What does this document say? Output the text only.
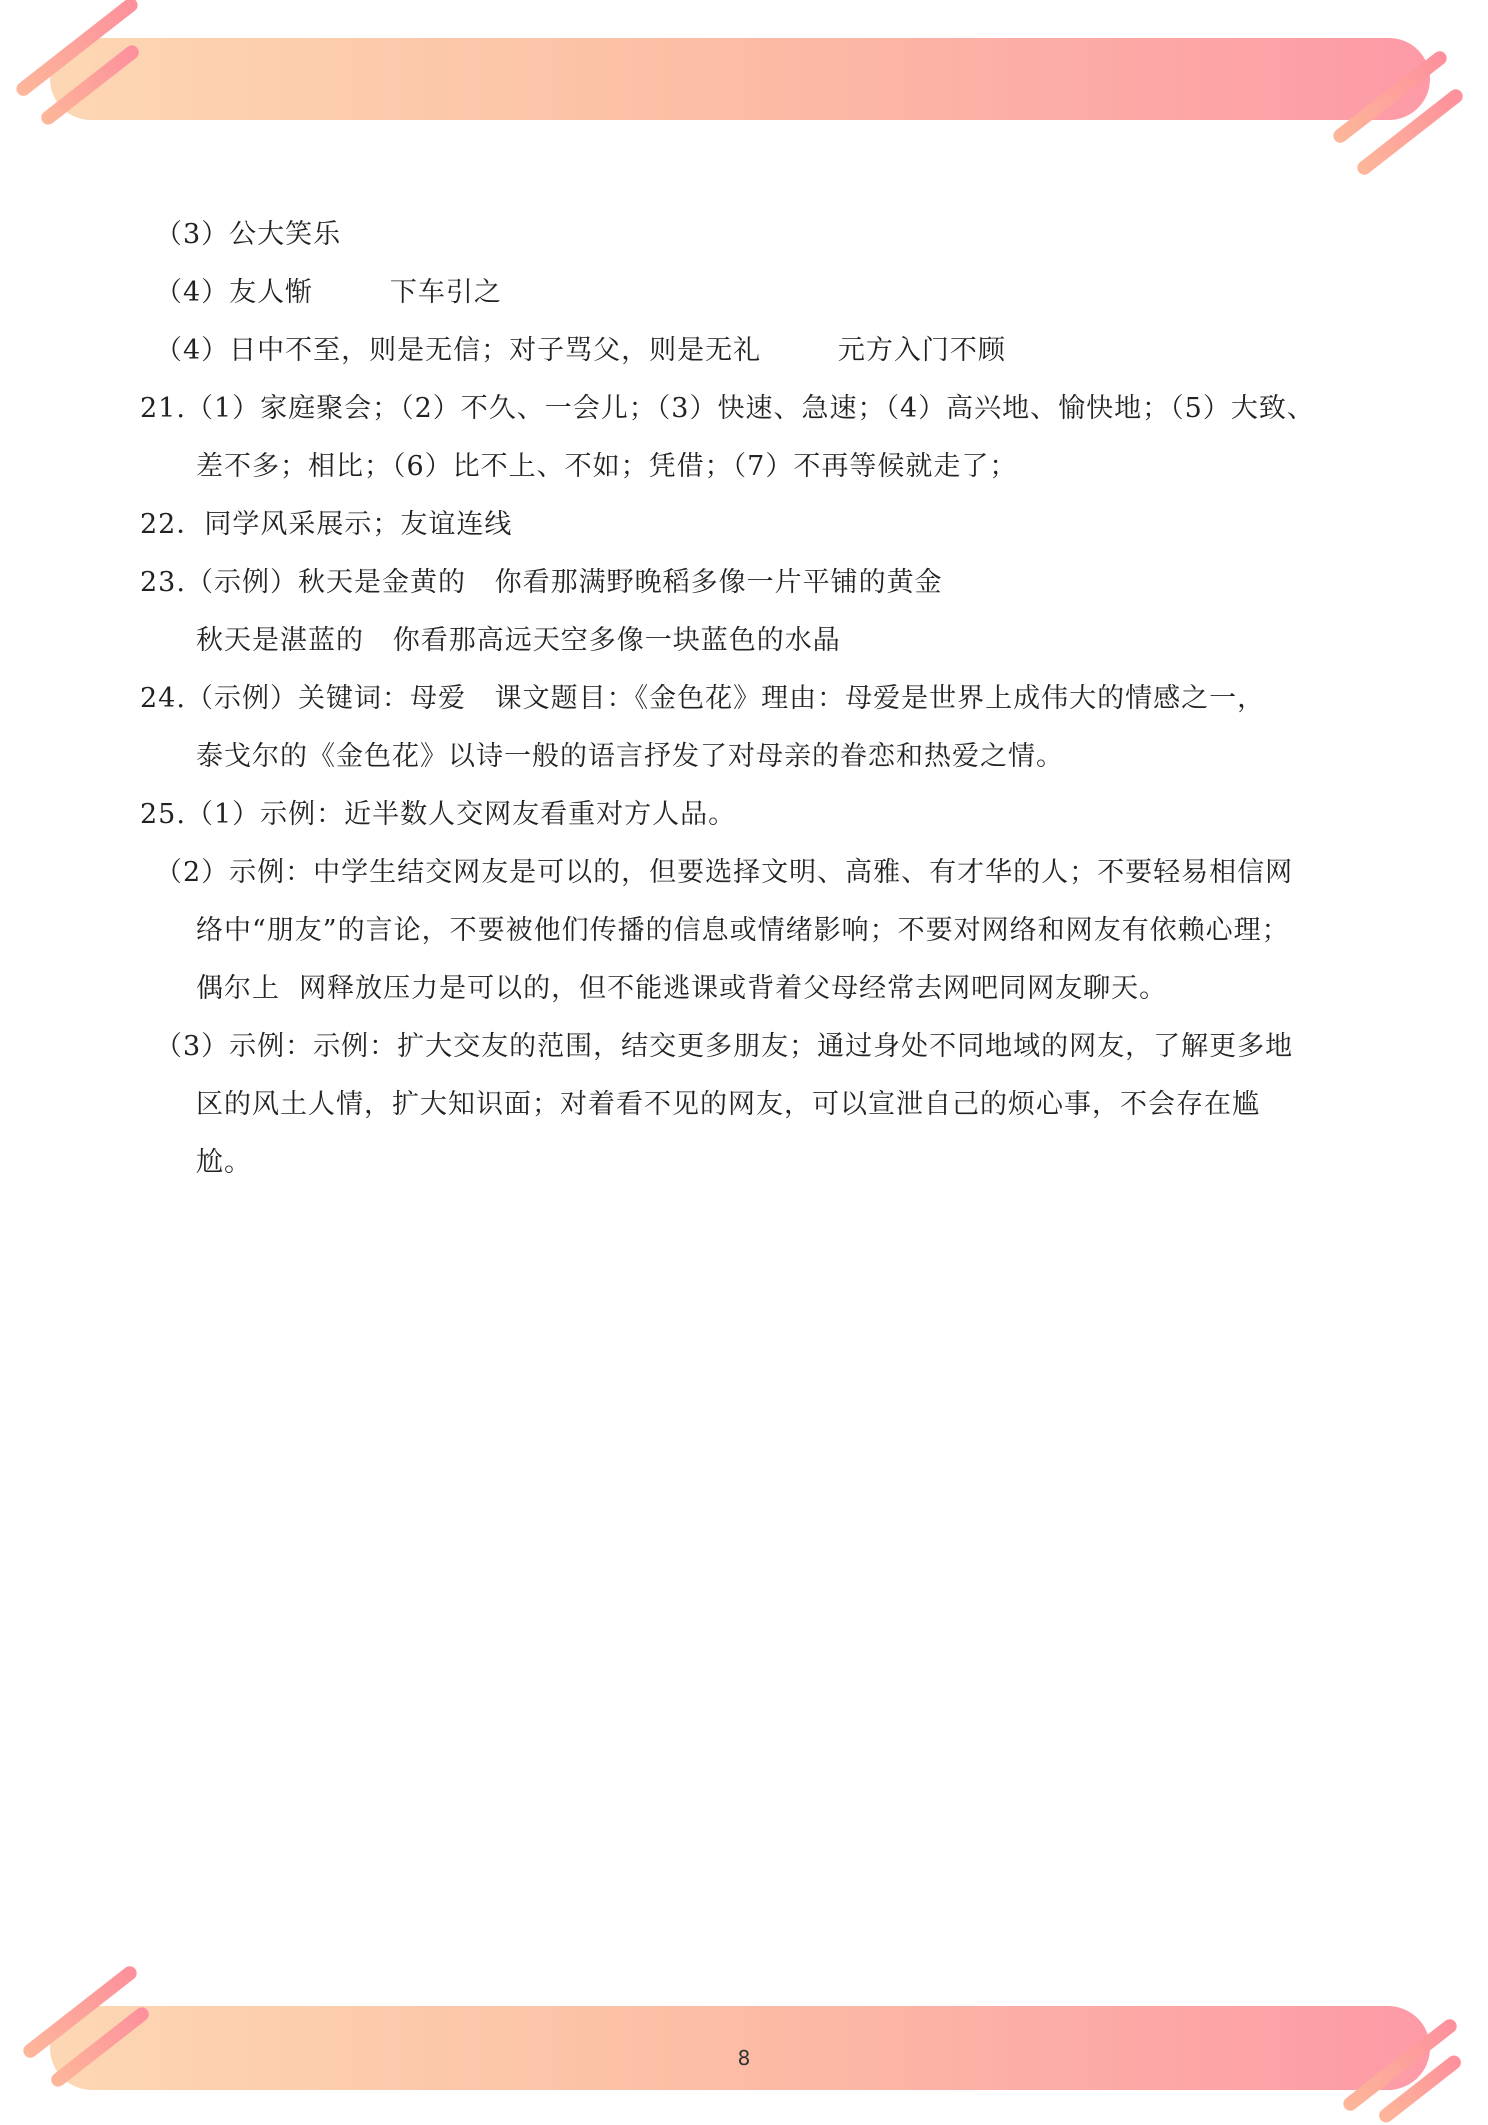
（3）公大笑乐
（4）友人惭        下车引之
（4）日中不至，则是无信；对子骂父，则是无礼        元方入门不顾
21.（1）家庭聚会；（2）不久、一会儿；（3）快速、急速；（4）高兴地、愉快地；（5）大致、
差不多；相比；（6）比不上、不如；凭借；（7）不再等候就走了；
22．同学风采展示；友谊连线
23.（示例）秋天是金黄的   你看那满野晚稻多像一片平铺的黄金
秋天是湛蓝的   你看那高远天空多像一块蓝色的水晶
24.（示例）关键词：母爱   课文题目：《金色花》理由：母爱是世界上成伟大的情感之一，
泰戈尔的《金色花》以诗一般的语言抒发了对母亲的眷恋和热爱之情。
25.（1）示例：近半数人交网友看重对方人品。
（2）示例：中学生结交网友是可以的，但要选择文明、高雅、有才华的人；不要轻易相信网
络中“朋友”的言论，不要被他们传播的信息或情绪影响；不要对网络和网友有依赖心理；
偶尔上  网释放压力是可以的，但不能逃课或背着父母经常去网吧同网友聊天。
（3）示例：示例：扩大交友的范围，结交更多朋友；通过身处不同地域的网友，了解更多地
区的风土人情，扩大知识面；对着看不见的网友，可以宣泄自己的烦心事，不会存在尴
尬。
8
